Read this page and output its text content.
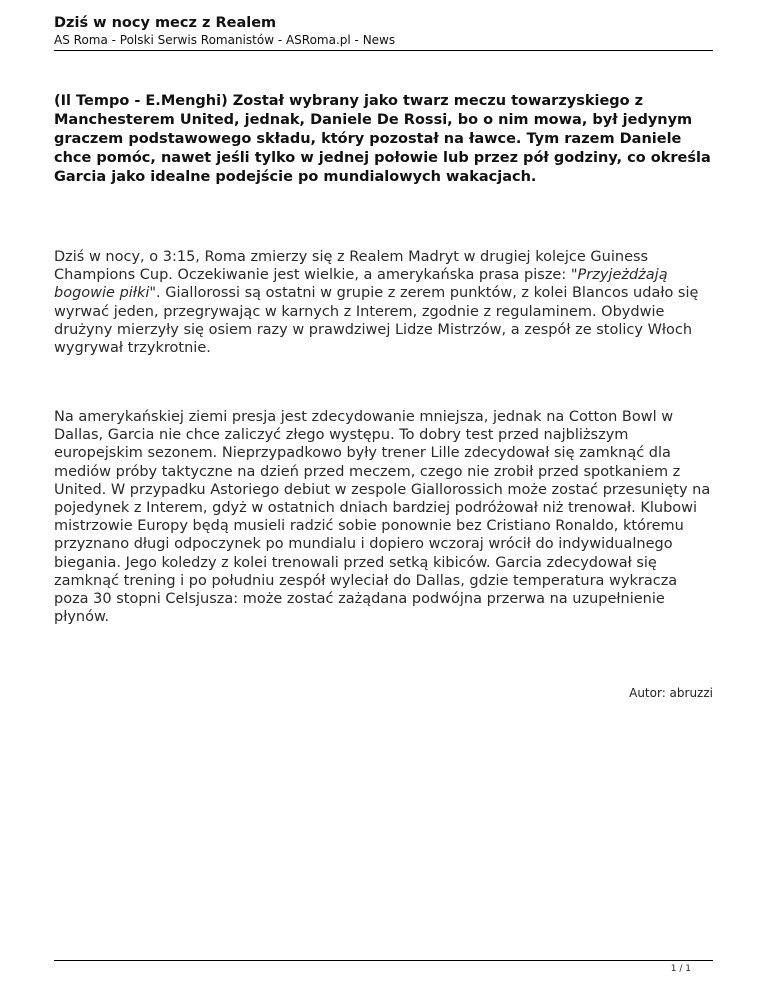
Dziś w nocy mecz z Realem
AS Roma - Polski Serwis Romanistów - ASRoma.pl - News

(Il Tempo - E.Menghi) Został wybrany jako twarz meczu towarzyskiego z Manchesterem United, jednak, Daniele De Rossi, bo o nim mowa, był jedynym graczem podstawowego składu, który pozostał na ławce. Tym razem Daniele chce pomóc, nawet jeśli tylko w jednej połowie lub przez pół godziny, co określa Garcia jako idealne podejście po mundialowych wakacjach.

Dziś w nocy, o 3:15, Roma zmierzy się z Realem Madryt w drugiej kolejce Guiness Champions Cup. Oczekiwanie jest wielkie, a amerykańska prasa pisze: "Przyjeżdżają bogowie piłki". Giallorossi są ostatni w grupie z zerem punktów, z kolei Blancos udało się wyrwać jeden, przegrywając w karnych z Interem, zgodnie z regulaminem. Obydwie drużyny mierzyły się osiem razy w prawdziwej Lidze Mistrzów, a zespół ze stolicy Włoch wygrywał trzykrotnie.

Na amerykańskiej ziemi presja jest zdecydowanie mniejsza, jednak na Cotton Bowl w Dallas, Garcia nie chce zaliczyć złego występu. To dobry test przed najbliższym europejskim sezonem. Nieprzypadkowo były trener Lille zdecydował się zamknąć dla mediów próby taktyczne na dzień przed meczem, czego nie zrobił przed spotkaniem z United. W przypadku Astoriego debiut w zespole Giallorossich może zostać przesunięty na pojedynek z Interem, gdyż w ostatnich dniach bardziej podróżował niż trenował. Klubowi mistrzowie Europy będą musieli radzić sobie ponownie bez Cristiano Ronaldo, któremu przyznano długi odpoczynek po mundialu i dopiero wczoraj wrócił do indywidualnego biegania. Jego koledzy z kolei trenowali przed setką kibiców. Garcia zdecydował się zamknąć trening i po południu zespół wyleciał do Dallas, gdzie temperatura wykracza poza 30 stopni Celsjusza: może zostać zażądana podwójna przerwa na uzupełnienie płynów.

Autor: abruzzi
1 / 1
